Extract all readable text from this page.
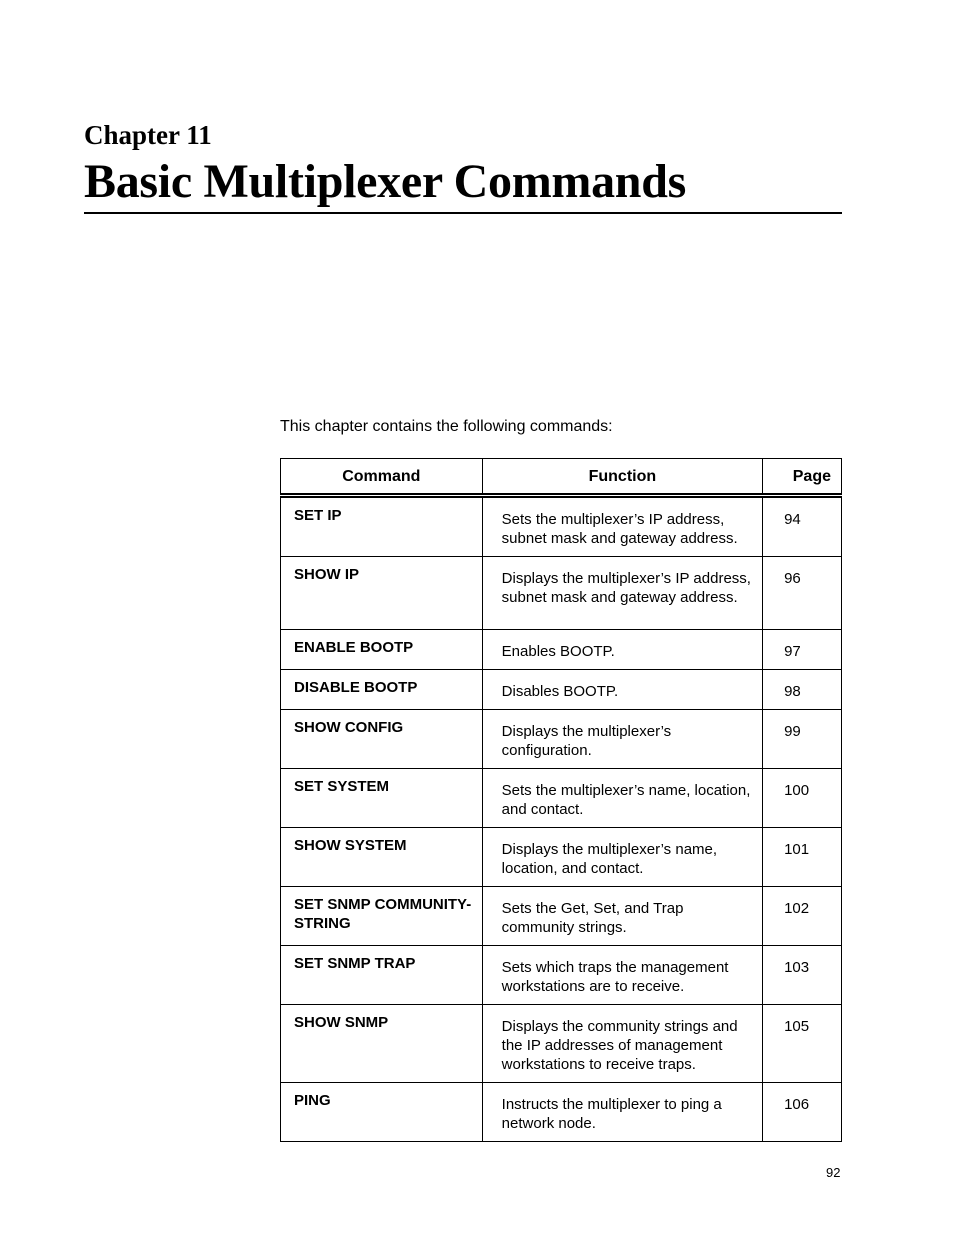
Chapter 11
Basic Multiplexer Commands

This chapter contains the following commands:

Command	Function	Page
SET IP	Sets the multiplexer’s IP address, subnet mask and gateway address.	94
SHOW IP	Displays the multiplexer’s IP address, subnet mask and gateway address.	96
ENABLE BOOTP	Enables BOOTP.	97
DISABLE BOOTP	Disables BOOTP.	98
SHOW CONFIG	Displays the multiplexer’s configuration.	99
SET SYSTEM	Sets the multiplexer’s name, location, and contact.	100
SHOW SYSTEM	Displays the multiplexer’s name, location, and contact.	101
SET SNMP COMMUNITY-STRING	Sets the Get, Set, and Trap community strings.	102
SET SNMP TRAP	Sets which traps the management workstations are to receive.	103
SHOW SNMP	Displays the community strings and the IP addresses of management workstations to receive traps.	105
PING	Instructs the multiplexer to ping a network node.	106

92
